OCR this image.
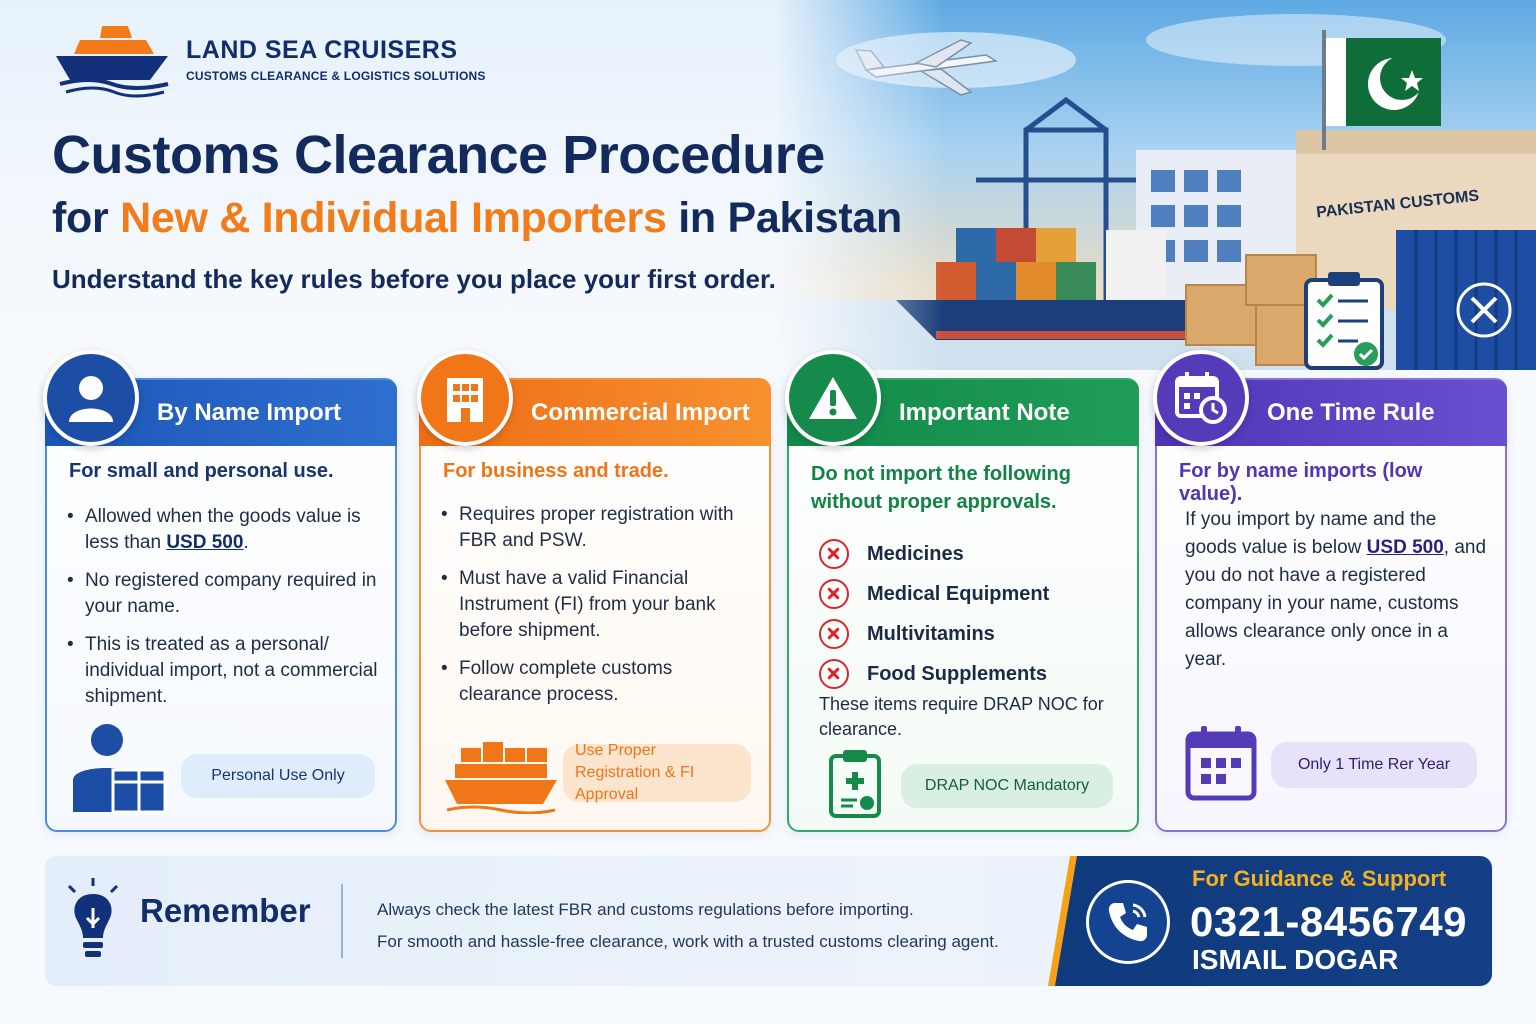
PAKISTAN CUSTOMS
LAND SEA CRUISERS
CUSTOMS CLEARANCE & LOGISTICS SOLUTIONS
Customs Clearance Procedure
for New & Individual Importers in Pakistan
Understand the key rules before you place your first order.
By Name Import
For small and personal use.
• Allowed when the goods value is less than USD 500.
• No registered company required in your name.
• This is treated as a personal/ individual import, not a commercial shipment.
Personal Use Only
Commercial Import
For business and trade.
• Requires proper registration with FBR and PSW.
• Must have a valid Financial Instrument (FI) from your bank before shipment.
• Follow complete customs clearance process.
Use Proper Registration & FI Approval
Important Note
Do not import the following without proper approvals.
Medicines
Medical Equipment
Multivitamins
Food Supplements
These items require DRAP NOC for clearance.
DRAP NOC Mandatory
One Time Rule
For by name imports (low value).
If you import by name and the goods value is below USD 500, and you do not have a registered company in your name, customs allows clearance only once in a year.
Only 1 Time Rer Year
Remember	Always check the latest FBR and customs regulations before importing.
For smooth and hassle-free clearance, work with a trusted customs clearing agent.
For Guidance & Support
0321-8456749
ISMAIL DOGAR
